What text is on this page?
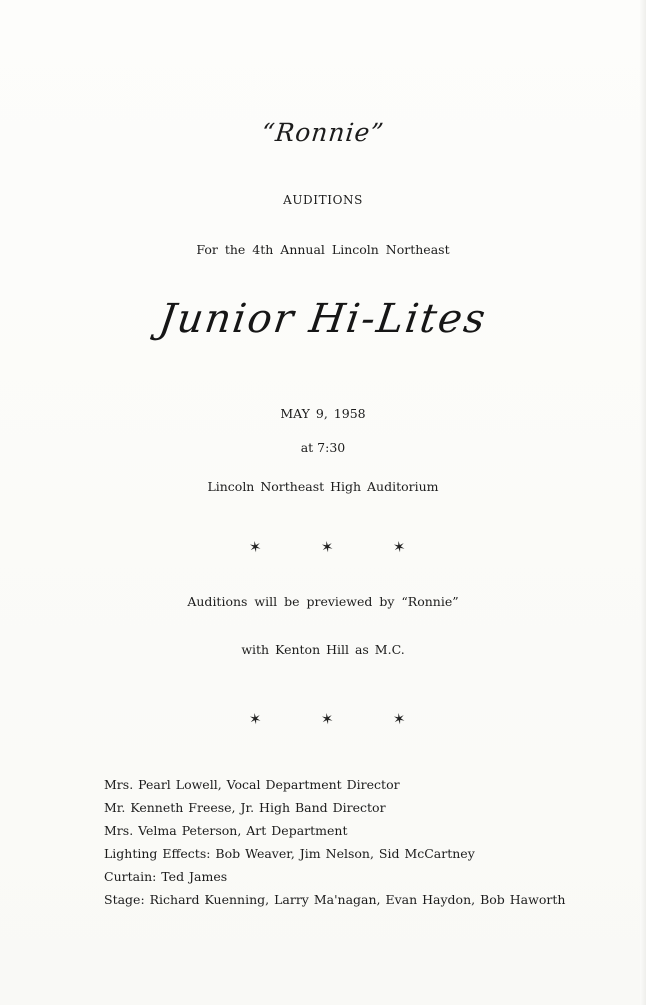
“Ronnie”
AUDITIONS
For the 4th Annual Lincoln Northeast
Junior Hi-Lites
MAY 9, 1958
at 7:30
Lincoln Northeast High Auditorium
✶	✶	✶
Auditions will be previewed by “Ronnie”
with Kenton Hill as M.C.
✶	✶	✶
Mrs. Pearl Lowell, Vocal Department Director
Mr. Kenneth Freese, Jr. High Band Director
Mrs. Velma Peterson, Art Department
Lighting Effects: Bob Weaver, Jim Nelson, Sid McCartney
Curtain: Ted James
Stage: Richard Kuenning, Larry Ma'nagan, Evan Haydon, Bob Haworth
